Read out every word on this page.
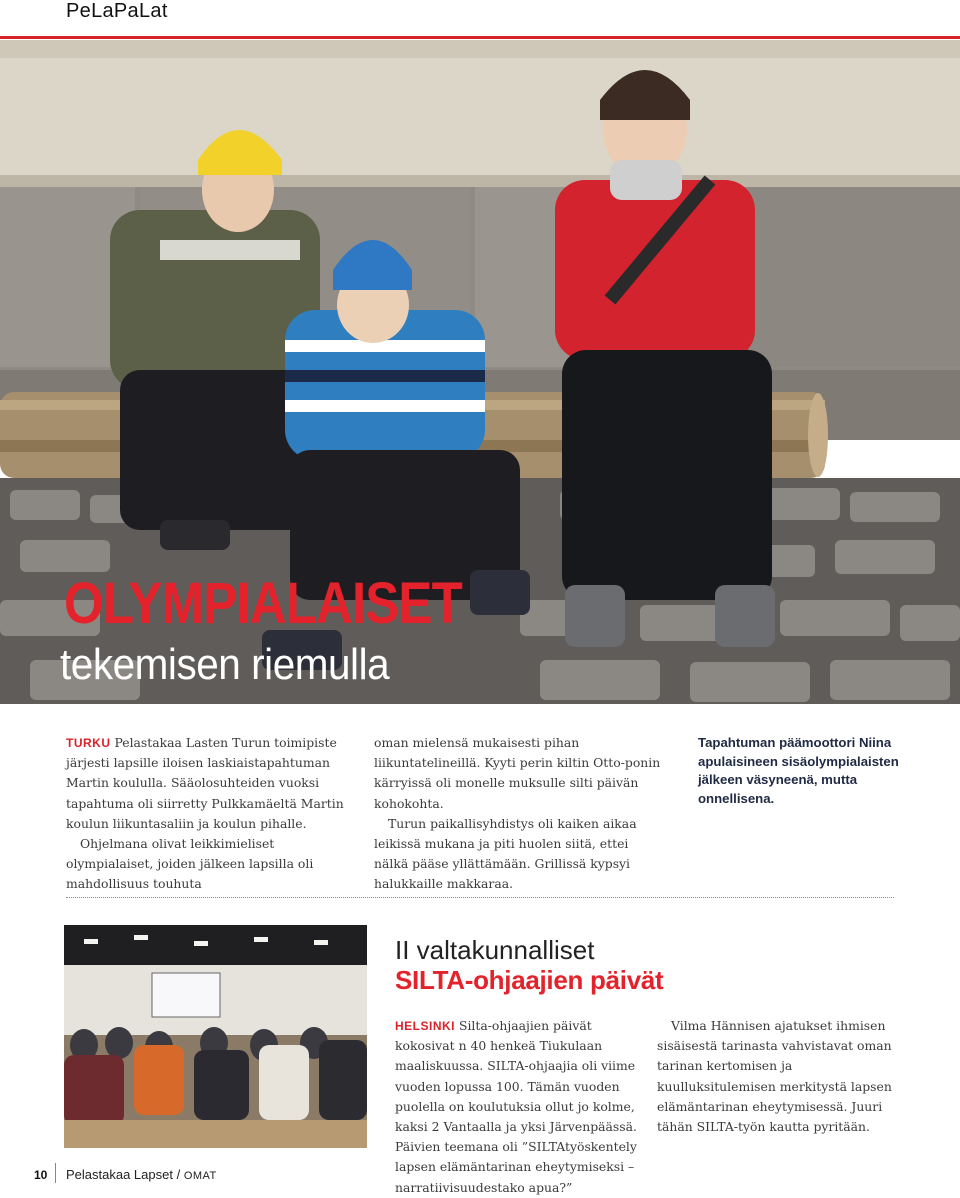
PeLaPaLat
OLYMPIALAISET
tekemisen riemulla

TURKU Pelastakaa Lasten Turun toimipiste järjesti lapsille iloisen laskiaistapahtuman Martin koululla. Sääolosuhteiden vuoksi tapahtuma oli siirretty Pulkkamäeltä Martin koulun liikuntasaliin ja koulun pihalle.

Ohjelmana olivat leikkimieliset olympialaiset, joiden jälkeen lapsilla oli mahdollisuus touhuta

oman mielensä mukaisesti pihan liikuntatelineillä. Kyyti perin kiltin Otto-ponin kärryissä oli monelle muksulle silti päivän kohokohta.

Turun paikallisyhdistys oli kaiken aikaa leikissä mukana ja piti huolen siitä, ettei nälkä pääse yllättämään. Grillissä kypsyi halukkaille makkaraa.

Tapahtuman päämoottori Niina apulaisineen sisäolympialaisten jälkeen väsyneenä, mutta onnellisena.
II valtakunnalliset
SILTA-ohjaajien päivät

HELSINKI Silta-ohjaajien päivät kokosivat n 40 henkeä Tiukulaan maaliskuussa. SILTA-ohjaajia oli viime vuoden lopussa 100. Tämän vuoden puolella on koulutuksia ollut jo kolme, kaksi 2 Vantaalla ja yksi Järvenpäässä. Päivien teemana oli ”SILTAtyöskentely lapsen elämäntarinan eheytymiseksi – narratiivisuudestako apua?”

Vilma Hännisen ajatukset ihmisen sisäisestä tarinasta vahvistavat oman tarinan kertomisen ja kuulluksitulemisen merkitystä lapsen elämäntarinan eheytymisessä. Juuri tähän SILTA-työn kautta pyritään.

10 Pelastakaa Lapset / OMAT
